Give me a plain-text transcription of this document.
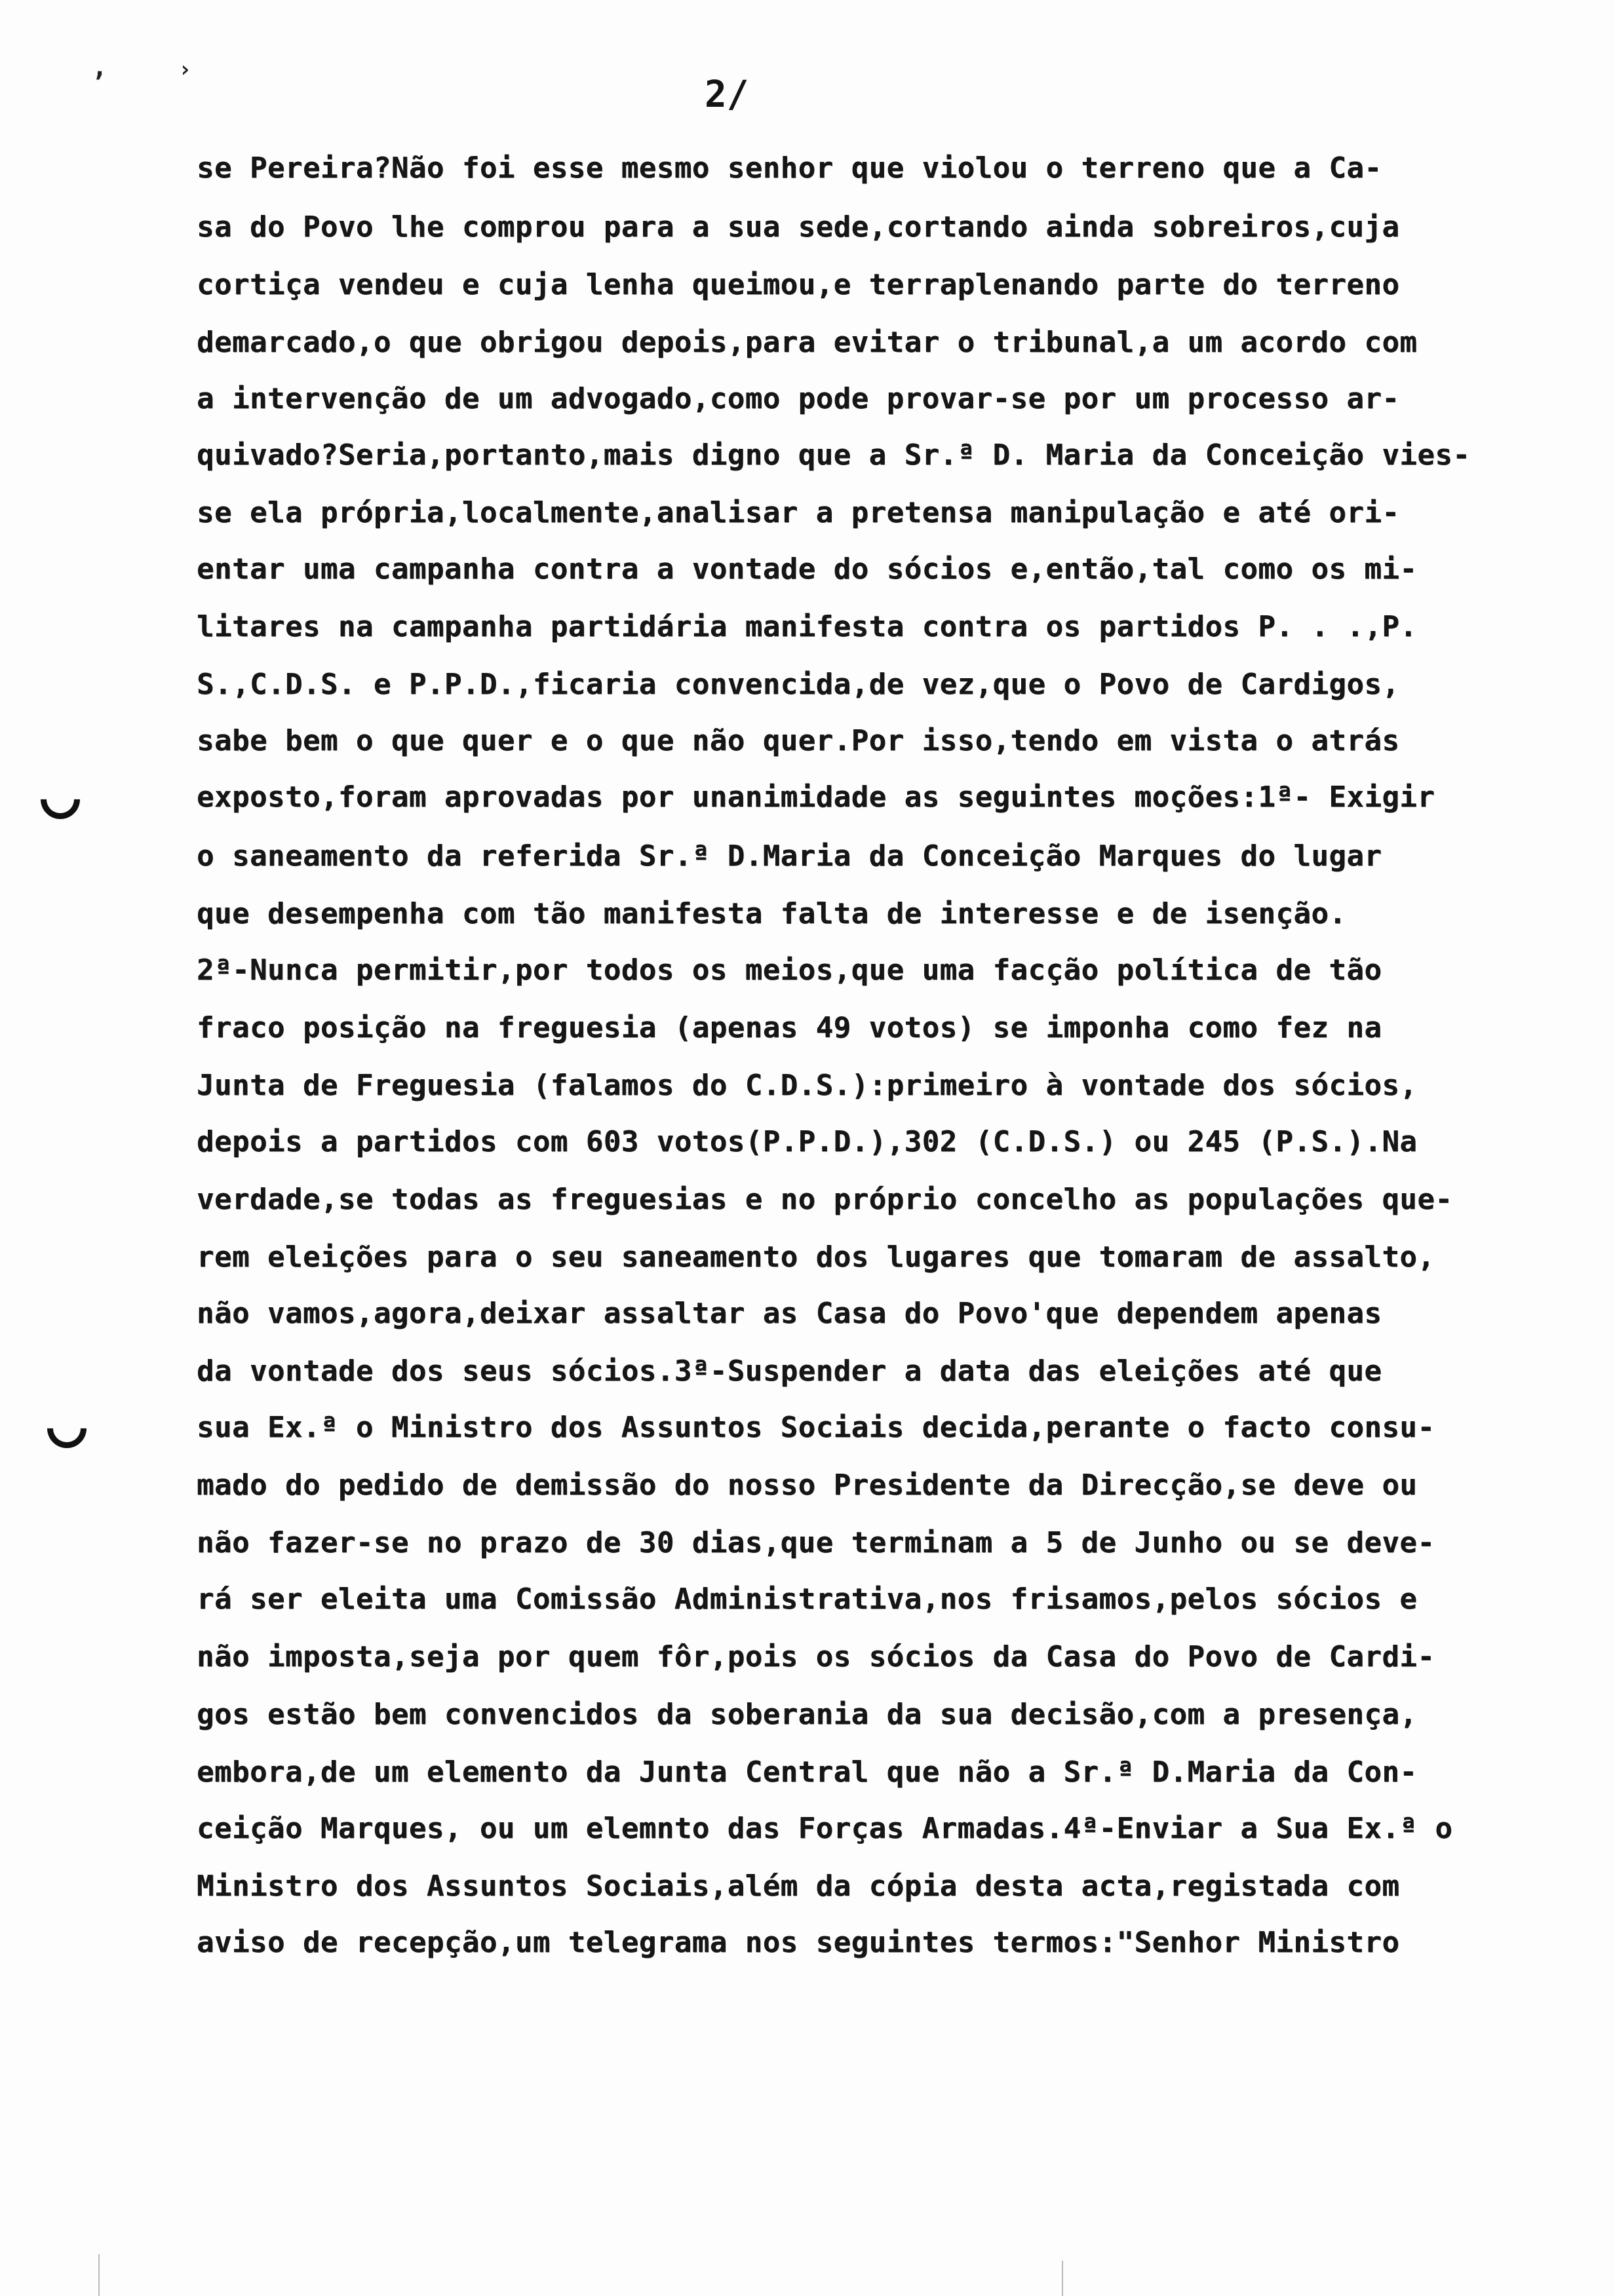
,	›
2/
se Pereira?Não foi esse mesmo senhor que violou o terreno que a Ca-
sa do Povo lhe comprou para a sua sede,cortando ainda sobreiros,cuja
cortiça vendeu e cuja lenha queimou,e terraplenando parte do terreno
demarcado,o que obrigou depois,para evitar o tribunal,a um acordo com
a intervenção de um advogado,como pode provar-se por um processo ar-
quivado?Seria,portanto,mais digno que a Sr.ª D. Maria da Conceição vies-
se ela própria,localmente,analisar a pretensa manipulação e até ori-
entar uma campanha contra a vontade do sócios e,então,tal como os mi-
litares na campanha partidária manifesta contra os partidos P. . .,P.
S.,C.D.S. e P.P.D.,ficaria convencida,de vez,que o Povo de Cardigos,
sabe bem o que quer e o que não quer.Por isso,tendo em vista o atrás
exposto,foram aprovadas por unanimidade as seguintes moções:1ª- Exigir
o saneamento da referida Sr.ª D.Maria da Conceição Marques do lugar
que desempenha com tão manifesta falta de interesse e de isenção.
2ª-Nunca permitir,por todos os meios,que uma facção política de tão
fraco posição na freguesia (apenas 49 votos) se imponha como fez na
Junta de Freguesia (falamos do C.D.S.):primeiro à vontade dos sócios,
depois a partidos com 603 votos(P.P.D.),302 (C.D.S.) ou 245 (P.S.).Na
verdade,se todas as freguesias e no próprio concelho as populações que-
rem eleições para o seu saneamento dos lugares que tomaram de assalto,
não vamos,agora,deixar assaltar as Casa do Povo'que dependem apenas
da vontade dos seus sócios.3ª-Suspender a data das eleições até que
sua Ex.ª o Ministro dos Assuntos Sociais decida,perante o facto consu-
mado do pedido de demissão do nosso Presidente da Direcção,se deve ou
não fazer-se no prazo de 30 dias,que terminam a 5 de Junho ou se deve-
rá ser eleita uma Comissão Administrativa,nos frisamos,pelos sócios e
não imposta,seja por quem fôr,pois os sócios da Casa do Povo de Cardi-
gos estão bem convencidos da soberania da sua decisão,com a presença,
embora,de um elemento da Junta Central que não a Sr.ª D.Maria da Con-
ceição Marques, ou um elemnto das Forças Armadas.4ª-Enviar a Sua Ex.ª o
Ministro dos Assuntos Sociais,além da cópia desta acta,registada com
aviso de recepção,um telegrama nos seguintes termos:"Senhor Ministro
